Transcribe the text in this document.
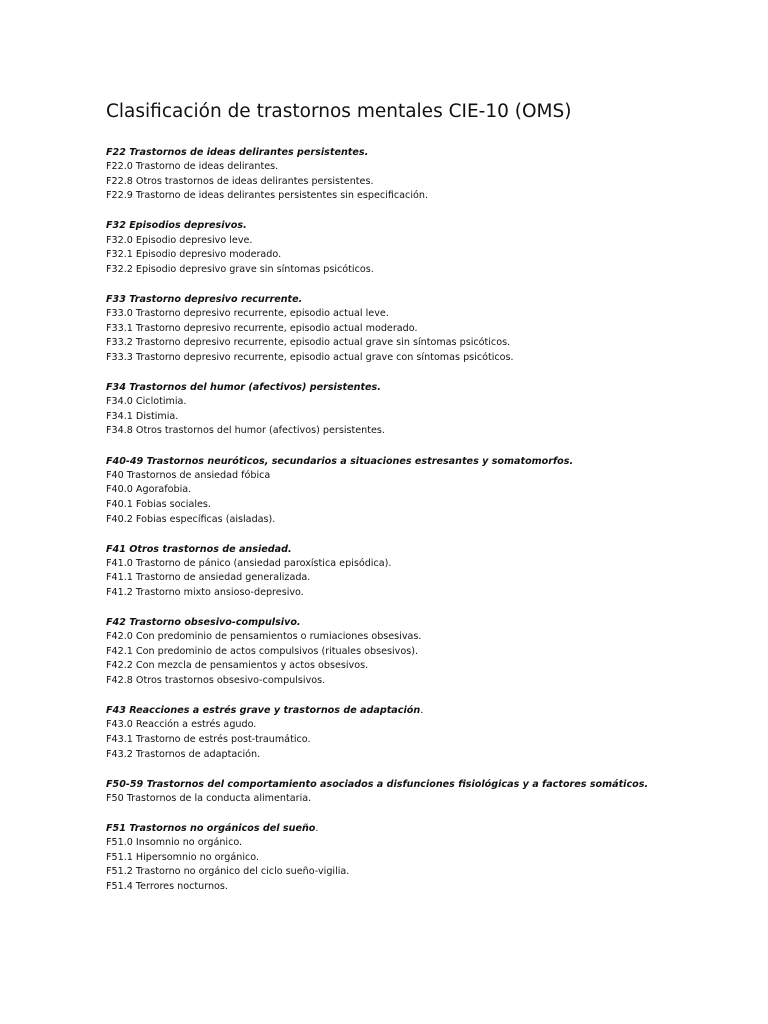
Clasificación de trastornos mentales CIE-10 (OMS)

F22 Trastornos de ideas delirantes persistentes.

F22.0 Trastorno de ideas delirantes.

F22.8 Otros trastornos de ideas delirantes persistentes.

F22.9 Trastorno de ideas delirantes persistentes sin especificación.

F32 Episodios depresivos.

F32.0 Episodio depresivo leve.

F32.1 Episodio depresivo moderado.

F32.2 Episodio depresivo grave sin síntomas psicóticos.

F33 Trastorno depresivo recurrente.

F33.0 Trastorno depresivo recurrente, episodio actual leve.

F33.1 Trastorno depresivo recurrente, episodio actual moderado.

F33.2 Trastorno depresivo recurrente, episodio actual grave sin síntomas psicóticos.

F33.3 Trastorno depresivo recurrente, episodio actual grave con síntomas psicóticos.

F34 Trastornos del humor (afectivos) persistentes.

F34.0 Ciclotimia.

F34.1 Distimia.

F34.8 Otros trastornos del humor (afectivos) persistentes.

F40-49 Trastornos neuróticos, secundarios a situaciones estresantes y somatomorfos.

F40 Trastornos de ansiedad fóbica

F40.0 Agorafobia.

F40.1 Fobias sociales.

F40.2 Fobias específicas (aisladas).

F41 Otros trastornos de ansiedad.

F41.0 Trastorno de pánico (ansiedad paroxística episódica).

F41.1 Trastorno de ansiedad generalizada.

F41.2 Trastorno mixto ansioso-depresivo.

F42 Trastorno obsesivo-compulsivo.

F42.0 Con predominio de pensamientos o rumiaciones obsesivas.

F42.1 Con predominio de actos compulsivos (rituales obsesivos).

F42.2 Con mezcla de pensamientos y actos obsesivos.

F42.8 Otros trastornos obsesivo-compulsivos.

F43 Reacciones a estrés grave y trastornos de adaptación.

F43.0 Reacción a estrés agudo.

F43.1 Trastorno de estrés post-traumático.

F43.2 Trastornos de adaptación.

F50-59 Trastornos del comportamiento asociados a disfunciones fisiológicas y a factores somáticos.

F50 Trastornos de la conducta alimentaria.

F51 Trastornos no orgánicos del sueño.

F51.0 Insomnio no orgánico.

F51.1 Hipersomnio no orgánico.

F51.2 Trastorno no orgánico del ciclo sueño-vigilia.

F51.4 Terrores nocturnos.
